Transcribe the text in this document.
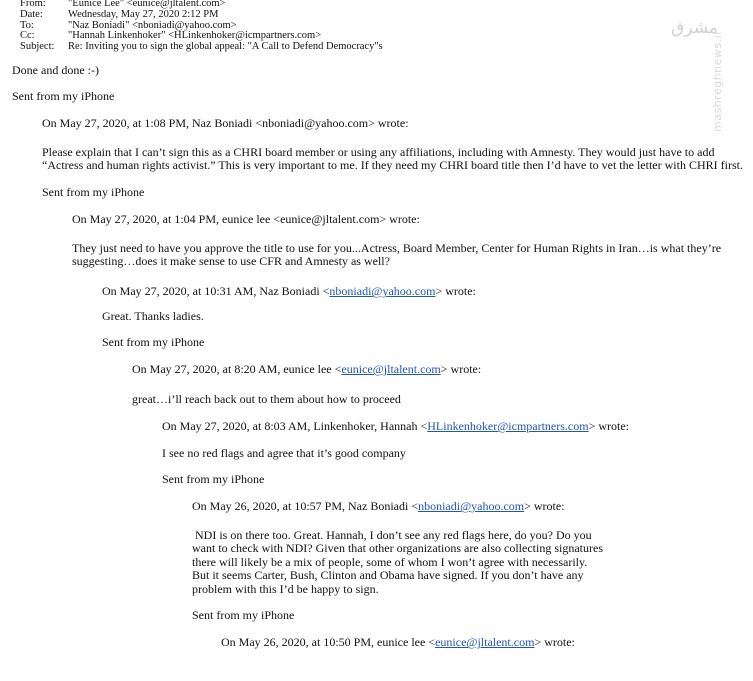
From:	"Eunice Lee" <eunice@jltalent.com>
Date:	Wednesday, May 27, 2020 2:12 PM
To:	"Naz Boniadi" <nboniadi@yahoo.com>
Cc:	"Hannah Linkenhoker" <HLinkenhoker@icmpartners.com>
Subject:	Re: Inviting you to sign the global appeal: "A Call to Defend Democracy"s
مشرق
mashreghnews.ir
Done and done :-)
Sent from my iPhone
On May 27, 2020, at 1:08 PM, Naz Boniadi <nboniadi@yahoo.com> wrote:
Please explain that I can’t sign this as a CHRI board member or using any affiliations, including with Amnesty. They would just have to add “Actress and human rights activist.” This is very important to me. If they need my CHRI board title then I’d have to vet the letter with CHRI first.
Sent from my iPhone
On May 27, 2020, at 1:04 PM, eunice lee <eunice@jltalent.com> wrote:
They just need to have you approve the title to use for you...Actress, Board Member, Center for Human Rights in Iran…is what they’re suggesting…does it make sense to use CFR and Amnesty as well?
On May 27, 2020, at 10:31 AM, Naz Boniadi <nboniadi@yahoo.com> wrote:
Great. Thanks ladies.
Sent from my iPhone
On May 27, 2020, at 8:20 AM, eunice lee <eunice@jltalent.com> wrote:
great…i’ll reach back out to them about how to proceed
On May 27, 2020, at 8:03 AM, Linkenhoker, Hannah <HLinkenhoker@icmpartners.com> wrote:
I see no red flags and agree that it’s good company
Sent from my iPhone
On May 26, 2020, at 10:57 PM, Naz Boniadi <nboniadi@yahoo.com> wrote:
NDI is on there too. Great. Hannah, I don’t see any red flags here, do you? Do you want to check with NDI? Given that other organizations are also collecting signatures there will likely be a mix of people, some of whom I won’t agree with necessarily. But it seems Carter, Bush, Clinton and Obama have signed. If you don’t have any problem with this I’d be happy to sign.
Sent from my iPhone
On May 26, 2020, at 10:50 PM, eunice lee <eunice@jltalent.com> wrote:
